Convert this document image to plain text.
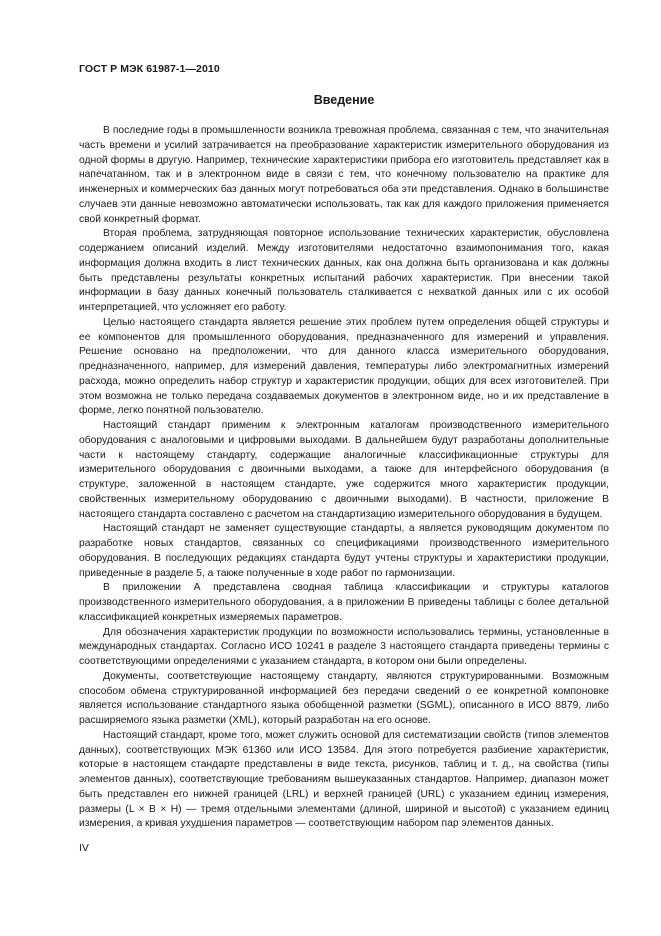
ГОСТ Р МЭК 61987-1—2010
Введение

В последние годы в промышленности возникла тревожная проблема, связанная с тем, что значительная часть времени и усилий затрачивается на преобразование характеристик измерительного оборудования из одной формы в другую. Например, технические характеристики прибора его изготовитель представляет как в напечатанном, так и в электронном виде в связи с тем, что конечному пользователю на практике для инженерных и коммерческих баз данных могут потребоваться оба эти представления. Однако в большинстве случаев эти данные невозможно автоматически использовать, так как для каждого приложения применяется свой конкретный формат.

Вторая проблема, затрудняющая повторное использование технических характеристик, обусловлена содержанием описаний изделий. Между изготовителями недостаточно взаимопонимания того, какая информация должна входить в лист технических данных, как она должна быть организована и как должны быть представлены результаты конкретных испытаний рабочих характеристик. При внесении такой информации в базу данных конечный пользователь сталкивается с нехваткой данных или с их особой интерпретацией, что усложняет его работу.

Целью настоящего стандарта является решение этих проблем путем определения общей структуры и ее компонентов для промышленного оборудования, предназначенного для измерений и управления. Решение основано на предположении, что для данного класса измерительного оборудования, предназначенного, например, для измерений давления, температуры либо электромагнитных измерений расхода, можно определить набор структур и характеристик продукции, общих для всех изготовителей. При этом возможна не только передача создаваемых документов в электронном виде, но и их представление в форме, легко понятной пользователю.

Настоящий стандарт применим к электронным каталогам производственного измерительного оборудования с аналоговыми и цифровыми выходами. В дальнейшем будут разработаны дополнительные части к настоящему стандарту, содержащие аналогичные классификационные структуры для измерительного оборудования с двоичными выходами, а также для интерфейсного оборудования (в структуре, заложенной в настоящем стандарте, уже содержится много характеристик продукции, свойственных измерительному оборудованию с двоичными выходами). В частности, приложение В настоящего стандарта составлено с расчетом на стандартизацию измерительного оборудования в будущем.

Настоящий стандарт не заменяет существующие стандарты, а является руководящим документом по разработке новых стандартов, связанных со спецификациями производственного измерительного оборудования. В последующих редакциях стандарта будут учтены структуры и характеристики продукции, приведенные в разделе 5, а также полученные в ходе работ по гармонизации.

В приложении А представлена сводная таблица классификации и структуры каталогов производственного измерительного оборудования, а в приложении В приведены таблицы с более детальной классификацией конкретных измеряемых параметров.

Для обозначения характеристик продукции по возможности использовались термины, установленные в международных стандартах. Согласно ИСО 10241 в разделе 3 настоящего стандарта приведены термины с соответствующими определениями с указанием стандарта, в котором они были определены.

Документы, соответствующие настоящему стандарту, являются структурированными. Возможным способом обмена структурированной информацией без передачи сведений о ее конкретной компоновке является использование стандартного языка обобщенной разметки (SGML), описанного в ИСО 8879, либо расширяемого языка разметки (XML), который разработан на его основе.

Настоящий стандарт, кроме того, может служить основой для систематизации свойств (типов элементов данных), соответствующих МЭК 61360 или ИСО 13584. Для этого потребуется разбиение характеристик, которые в настоящем стандарте представлены в виде текста, рисунков, таблиц и т. д., на свойства (типы элементов данных), соответствующие требованиям вышеуказанных стандартов. Например, диапазон может быть представлен его нижней границей (LRL) и верхней границей (URL) с указанием единиц измерения, размеры (L × B × H) — тремя отдельными элементами (длиной, шириной и высотой) с указанием единиц измерения, а кривая ухудшения параметров — соответствующим набором пар элементов данных.

IV
